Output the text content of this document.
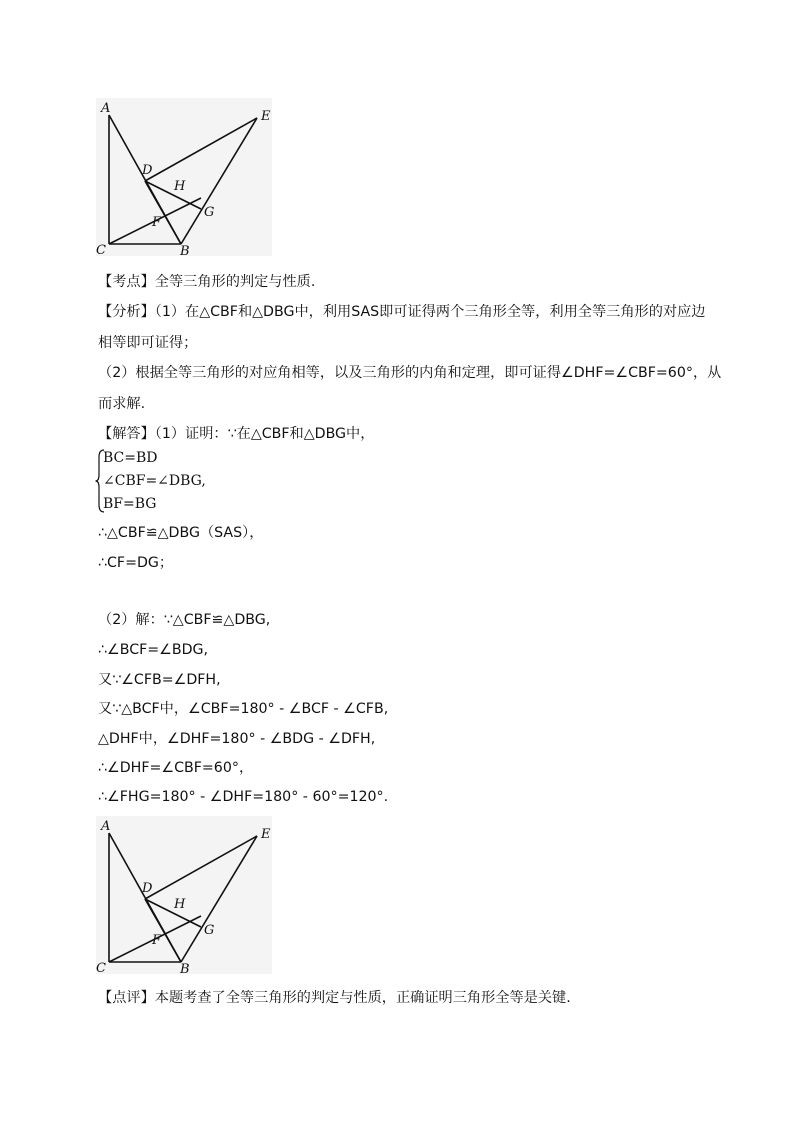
A
E
D
H
G
F
C	B
【考点】全等三角形的判定与性质.
【分析】（1）在△CBF和△DBG中，利用SAS即可证得两个三角形全等，利用全等三角形的对应边
相等即可证得；
（2）根据全等三角形的对应角相等，以及三角形的内角和定理，即可证得∠DHF=∠CBF=60°，从
而求解.
【解答】（1）证明：∵在△CBF和△DBG中，
BC=BD
∠CBF=∠DBG,
BF=BG
∴△CBF≌△DBG（SAS），
∴CF=DG；
（2）解：∵△CBF≌△DBG,
∴∠BCF=∠BDG,
又∵∠CFB=∠DFH,
又∵△BCF中，∠CBF=180° - ∠BCF - ∠CFB,
△DHF中，∠DHF=180° - ∠BDG - ∠DFH,
∴∠DHF=∠CBF=60°，
∴∠FHG=180° - ∠DHF=180° - 60°=120°.
A
E
D
H
G
F
C	B
【点评】本题考查了全等三角形的判定与性质，正确证明三角形全等是关键.
